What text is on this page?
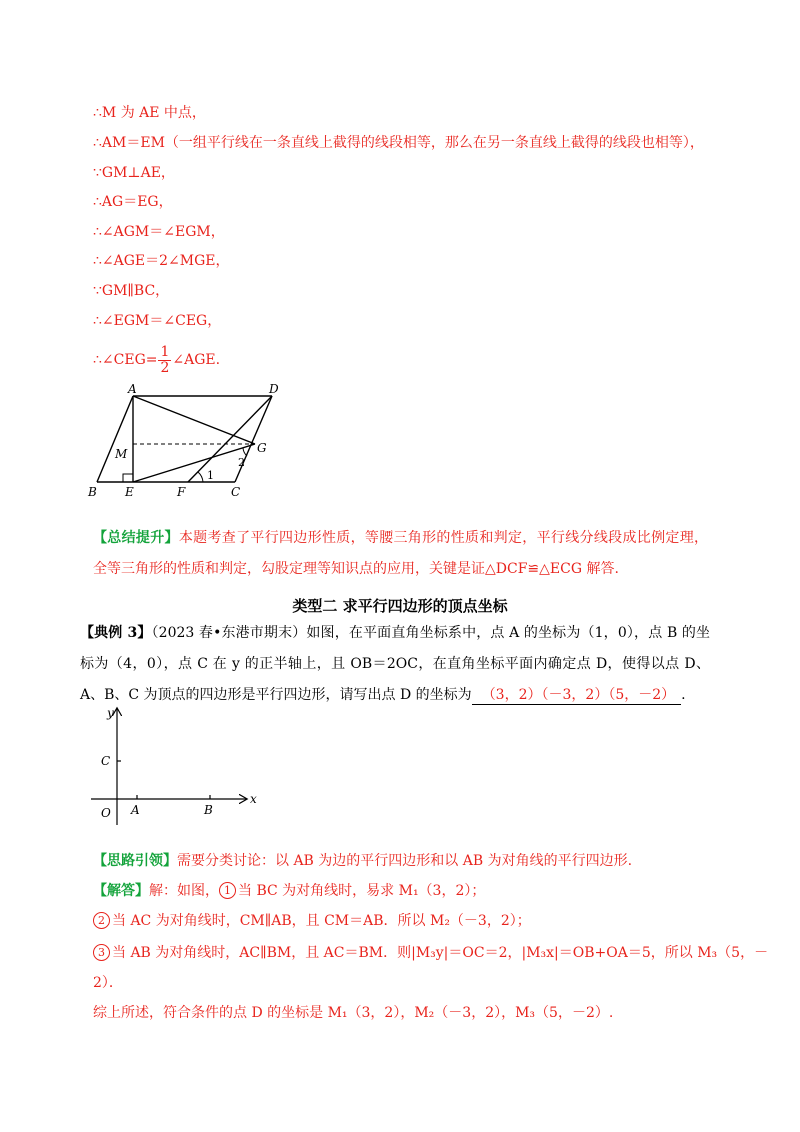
∴M 为 AE 中点，
∴AM＝EM（一组平行线在一条直线上截得的线段相等，那么在另一条直线上截得的线段也相等），
∵GM⊥AE，
∴AG＝EG，
∴∠AGM＝∠EGM，
∴∠AGE＝2∠MGE，
∵GM∥BC，
∴∠EGM＝∠CEG，
∴∠CEG= $\frac{1}{2}$ ∠AGE.
A	D
M	G
B E	F	C
1
2
【总结提升】本题考查了平行四边形性质，等腰三角形的性质和判定，平行线分线段成比例定理，全等三角形的性质和判定，勾股定理等知识点的应用，关键是证△DCF≌△ECG 解答.
类型二 求平行四边形的顶点坐标
【典例 3】（2023 春•东港市期末）如图，在平面直角坐标系中，点 A 的坐标为（1，0），点 B 的坐标为（4，0），点 C 在 y 的正半轴上，且 OB＝2OC，在直角坐标平面内确定点 D，使得以点 D、A、B、C 为顶点的四边形是平行四边形，请写出点 D 的坐标为 （3，2）（－3，2）（5，－2） .
y
x
C
O A	B
【思路引领】需要分类讨论：以 AB 为边的平行四边形和以 AB 为对角线的平行四边形.
【解答】解：如图， 1 当 BC 为对角线时，易求 M₁（3，2）；
2 当 AC 为对角线时，CM∥AB，且 CM＝AB．所以 M₂（－3，2）；
3 当 AB 为对角线时，AC∥BM，且 AC＝BM．则|M₃y|＝OC＝2，|M₃x|＝OB+OA＝5，所以 M₃（5，－
2）．
综上所述，符合条件的点 D 的坐标是 M₁（3，2），M₂（－3，2），M₃（5，－2）.
